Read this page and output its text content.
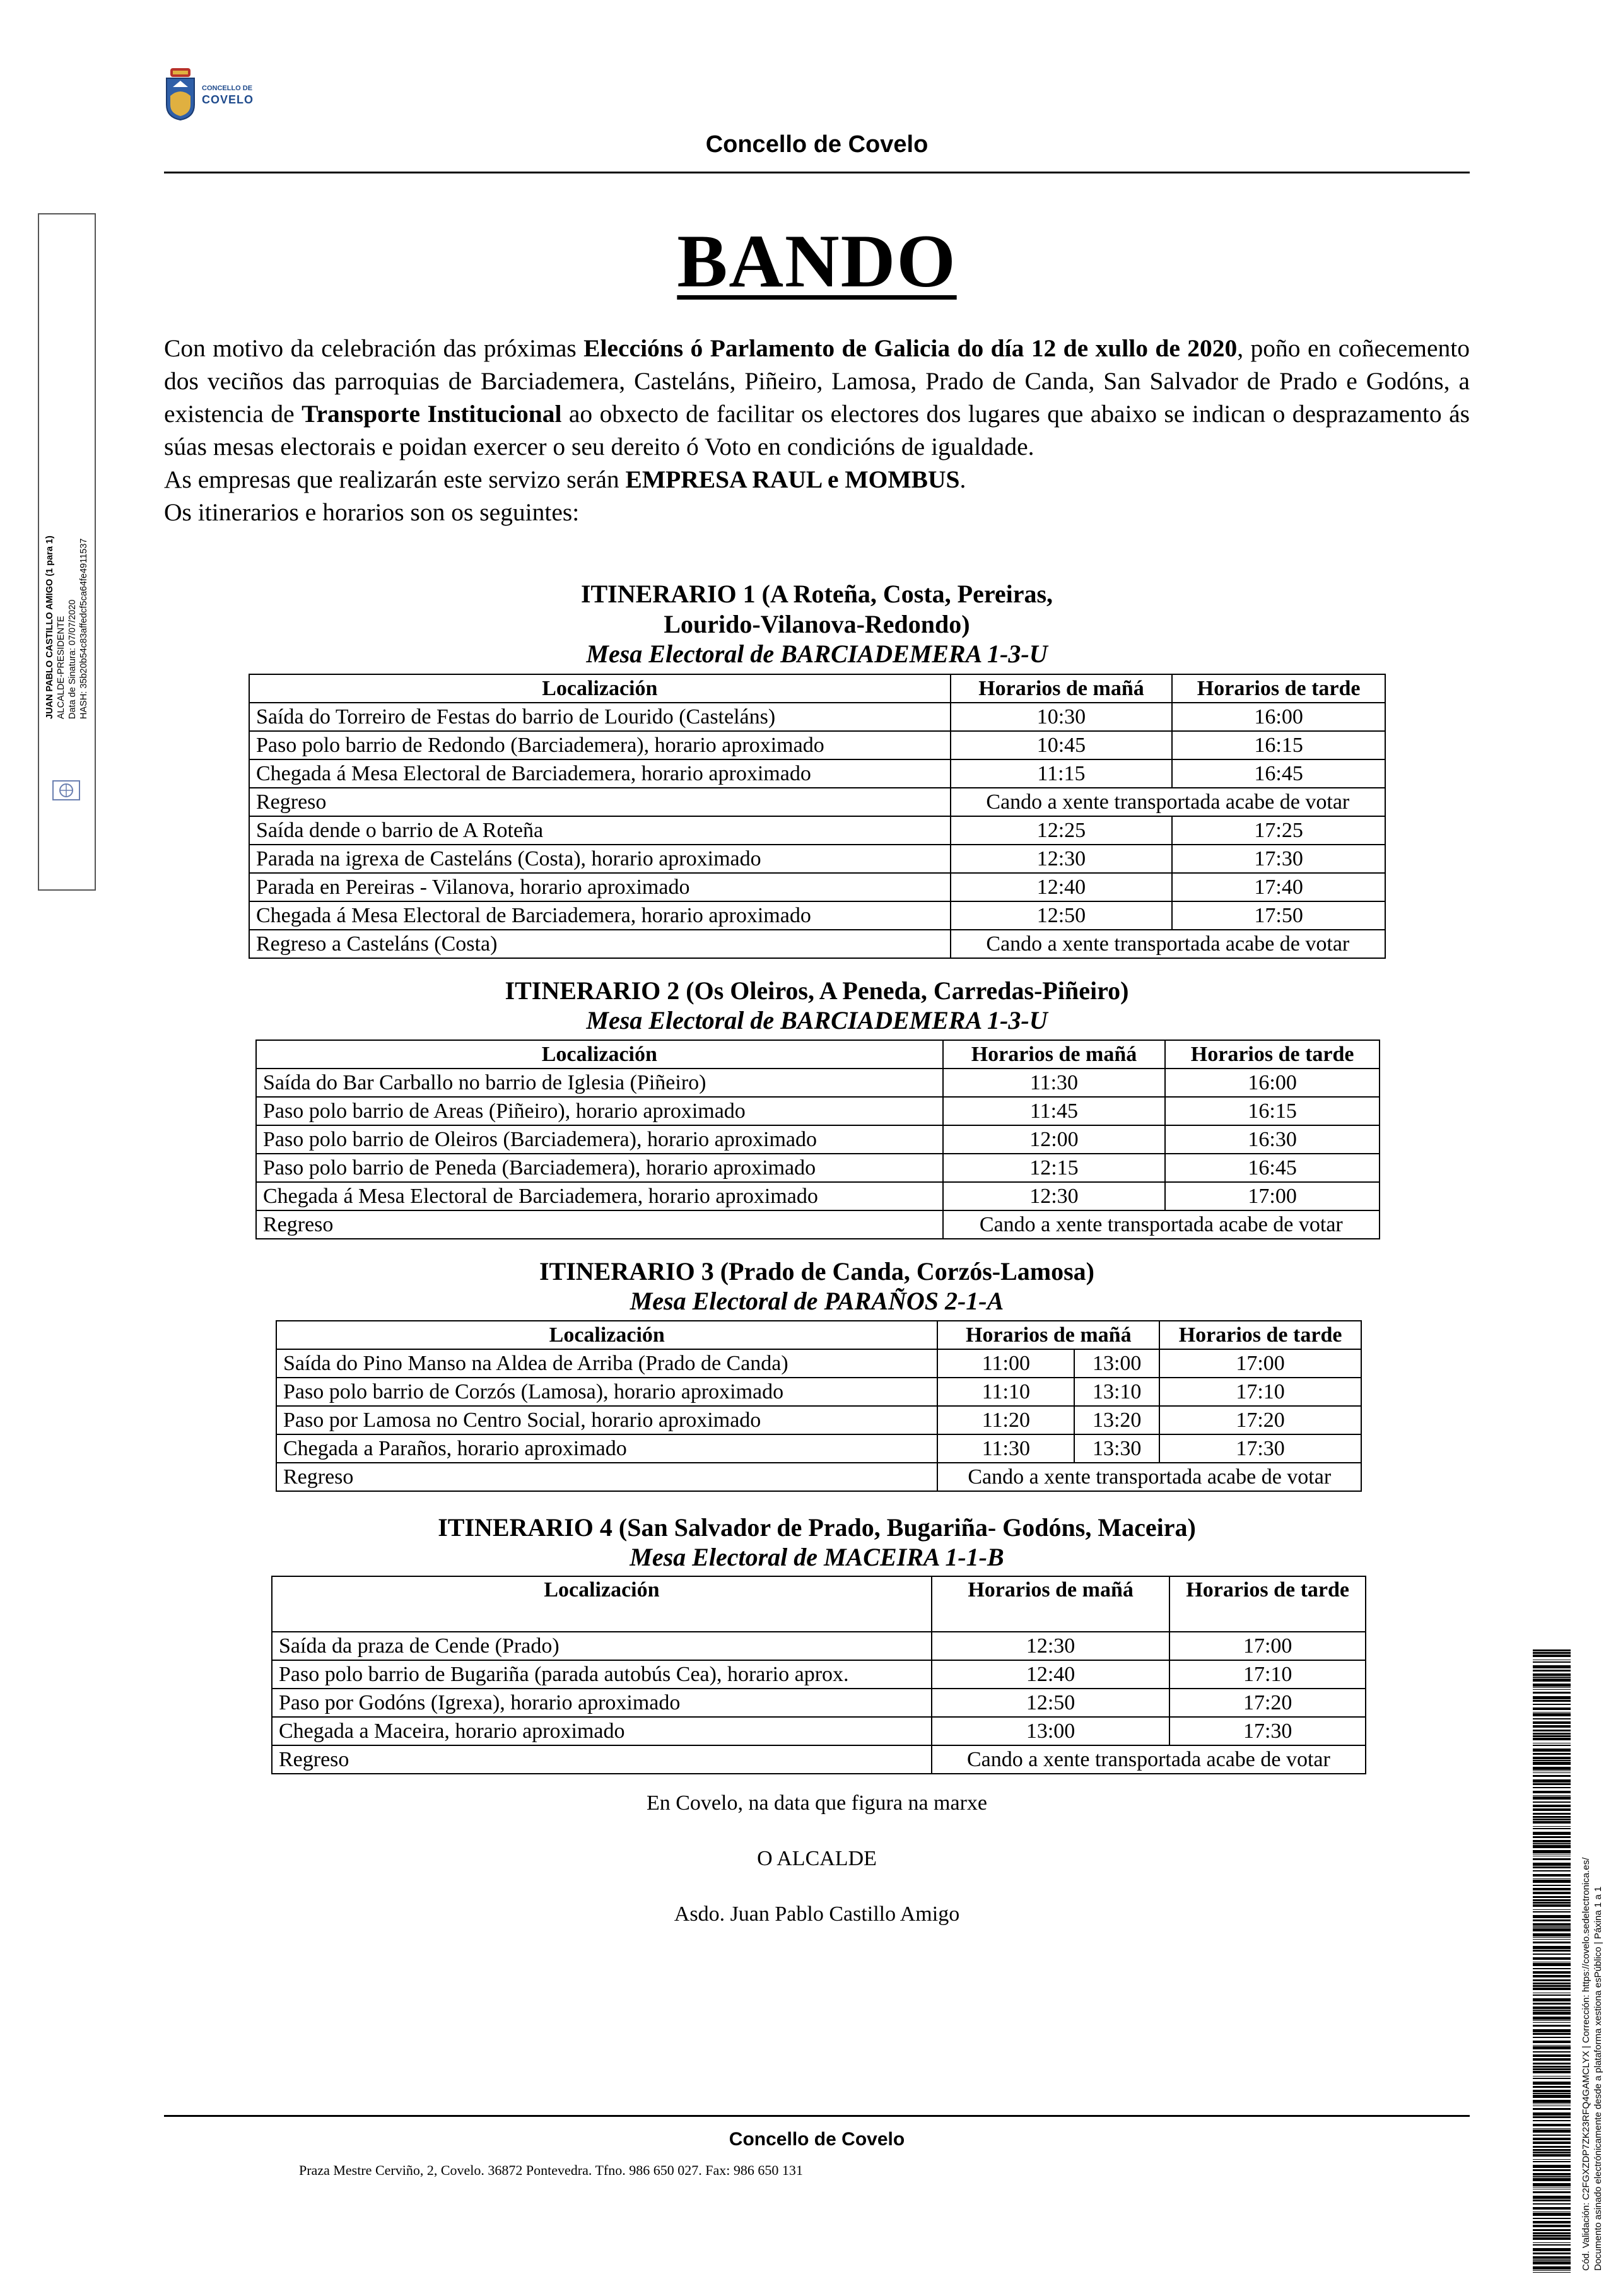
CONCELLO DE
COVELO
Concello de Covelo
JUAN PABLO CASTILLO AMIGO (1 para 1) ALCALDE-PRESIDENTE Data de Sinatura: 07/07/2020 HASH: 35b20b54c83affedcf5ca64fe4911537
Cód. Validación: C2FGXZDP7ZK23RFQ4GAMCLYX | Corrección: https://covelo.sedelectronica.es/ Documento asinado electrónicamente desde a plataforma xestiona esPúblico | Páxina 1 a 1
BANDO

Con motivo da celebración das próximas Eleccións ó Parlamento de Galicia do día 12 de xullo de 2020, poño en coñecemento dos veciños das parroquias de Barciademera, Casteláns, Piñeiro, Lamosa, Prado de Canda, San Salvador de Prado e Godóns, a existencia de Transporte Institucional ao obxecto de facilitar os electores dos lugares que abaixo se indican o desprazamento ás súas mesas electorais e poidan exercer o seu dereito ó Voto en condicións de igualdade.

As empresas que realizarán este servizo serán EMPRESA RAUL e MOMBUS.

Os itinerarios e horarios son os seguintes:

ITINERARIO 1 (A Roteña, Costa, Pereiras,
Lourido-Vilanova-Redondo)
Mesa Electoral de BARCIADEMERA 1-3-U
Localización	Horarios de mañá	Horarios de tarde
Saída do Torreiro de Festas do barrio de Lourido (Casteláns)	10:30	16:00
Paso polo barrio de Redondo (Barciademera), horario aproximado	10:45	16:15
Chegada á Mesa Electoral de Barciademera, horario aproximado	11:15	16:45
Regreso	Cando a xente transportada acabe de votar	
Saída dende o barrio de A Roteña	12:25	17:25
Parada na igrexa de Casteláns (Costa), horario aproximado	12:30	17:30
Parada en Pereiras - Vilanova, horario aproximado	12:40	17:40
Chegada á Mesa Electoral de Barciademera, horario aproximado	12:50	17:50
Regreso a Casteláns (Costa)	Cando a xente transportada acabe de votar	
ITINERARIO 2 (Os Oleiros, A Peneda, Carredas-Piñeiro)
Mesa Electoral de BARCIADEMERA 1-3-U
Localización	Horarios de mañá	Horarios de tarde
Saída do Bar Carballo no barrio de Iglesia (Piñeiro)	11:30	16:00
Paso polo barrio de Areas (Piñeiro), horario aproximado	11:45	16:15
Paso polo barrio de Oleiros (Barciademera), horario aproximado	12:00	16:30
Paso polo barrio de Peneda (Barciademera), horario aproximado	12:15	16:45
Chegada á Mesa Electoral de Barciademera, horario aproximado	12:30	17:00
Regreso	Cando a xente transportada acabe de votar	
ITINERARIO 3 (Prado de Canda, Corzós-Lamosa)
Mesa Electoral de PARAÑOS 2-1-A
Localización	Horarios de mañá		Horarios de tarde
Saída do Pino Manso na Aldea de Arriba (Prado de Canda)	11:00	13:00	17:00
Paso polo barrio de Corzós (Lamosa), horario aproximado	11:10	13:10	17:10
Paso por Lamosa no Centro Social, horario aproximado	11:20	13:20	17:20
Chegada a Paraños, horario aproximado	11:30	13:30	17:30
Regreso	Cando a xente transportada acabe de votar		
ITINERARIO 4 (San Salvador de Prado, Bugariña- Godóns, Maceira)
Mesa Electoral de MACEIRA 1-1-B
Localización	Horarios de mañá	Horarios de tarde
Saída da praza de Cende (Prado)	12:30	17:00
Paso polo barrio de Bugariña (parada autobús Cea), horario aprox.	12:40	17:10
Paso por Godóns (Igrexa), horario aproximado	12:50	17:20
Chegada a Maceira, horario aproximado	13:00	17:30
Regreso	Cando a xente transportada acabe de votar	
En Covelo, na data que figura na marxe
O ALCALDE
Asdo. Juan Pablo Castillo Amigo
Concello de Covelo
Praza Mestre Cerviño, 2, Covelo. 36872 Pontevedra. Tfno. 986 650 027. Fax: 986 650 131
